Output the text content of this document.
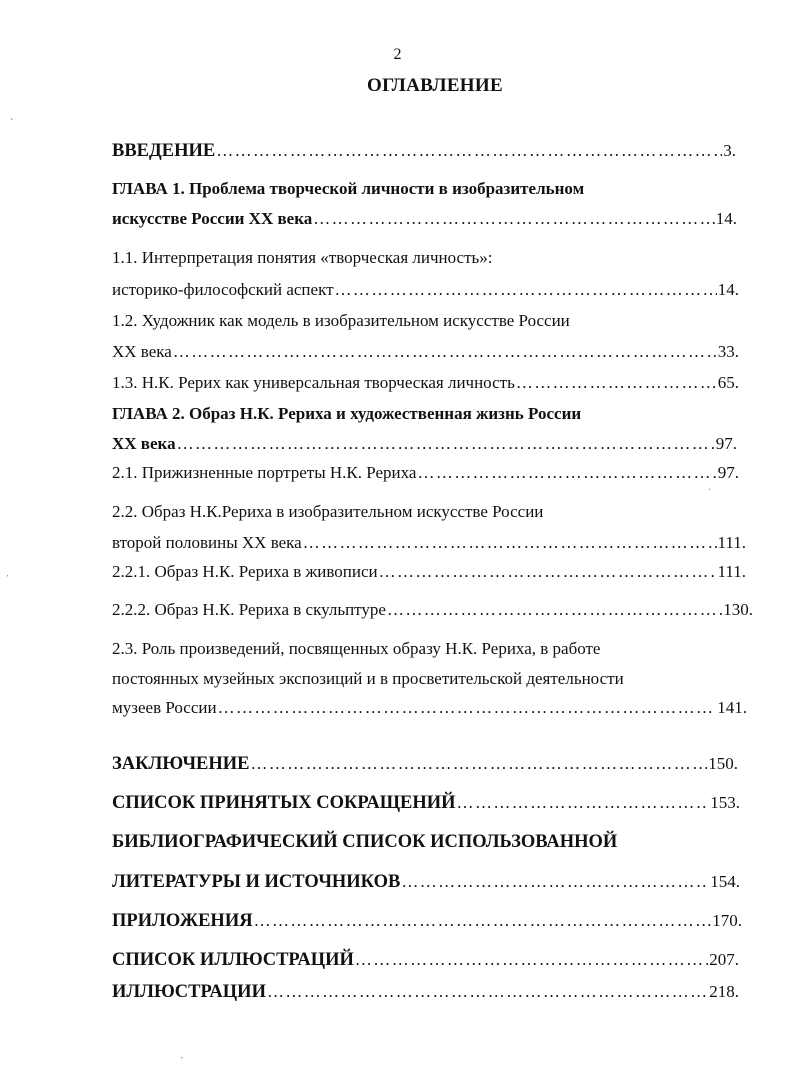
2
ОГЛАВЛЕНИЕ
ВВЕДЕНИЕ ……………………………………………………………………………………………………………………………………………………………………	3.
ГЛАВА 1. Проблема творческой личности в изобразительном
искусстве России XX века ……………………………………………………………………………………………………………………………………………………………………	14.
1.1. Интерпретация понятия «творческая личность»:
историко-философский аспект ……………………………………………………………………………………………………………………………………………………………………	14.
1.2. Художник как модель в изобразительном искусстве России
XX века ……………………………………………………………………………………………………………………………………………………………………	33.
1.3. Н.К. Рерих как универсальная творческая личность ……………………………………………………………………………………………………………………………………………………………………	65.
ГЛАВА 2. Образ Н.К. Рериха и художественная жизнь России
XX века ……………………………………………………………………………………………………………………………………………………………………	97.
2.1. Прижизненные портреты Н.К. Рериха ……………………………………………………………………………………………………………………………………………………………………	97.
2.2. Образ Н.К.Рериха в изобразительном искусстве России
второй половины XX века ……………………………………………………………………………………………………………………………………………………………………	111.
2.2.1. Образ Н.К. Рериха в живописи ……………………………………………………………………………………………………………………………………………………………………	111.
2.2.2. Образ Н.К. Рериха в скульптуре ……………………………………………………………………………………………………………………………………………………………………	130.
2.3. Роль произведений, посвященных образу Н.К. Рериха, в работе
постоянных музейных экспозиций и в просветительской деятельности
музеев России ……………………………………………………………………………………………………………………………………………………………………	141.
ЗАКЛЮЧЕНИЕ ……………………………………………………………………………………………………………………………………………………………………	150.
СПИСОК ПРИНЯТЫХ СОКРАЩЕНИЙ ……………………………………………………………………………………………………………………………………………………………………	153.
БИБЛИОГРАФИЧЕСКИЙ СПИСОК ИСПОЛЬЗОВАННОЙ
ЛИТЕРАТУРЫ И ИСТОЧНИКОВ ……………………………………………………………………………………………………………………………………………………………………	154.
ПРИЛОЖЕНИЯ ……………………………………………………………………………………………………………………………………………………………………	170.
СПИСОК ИЛЛЮСТРАЦИЙ ……………………………………………………………………………………………………………………………………………………………………	207.
ИЛЛЮСТРАЦИИ ……………………………………………………………………………………………………………………………………………………………………	218.
ˋ
ˌ
ˏ
ˑ
